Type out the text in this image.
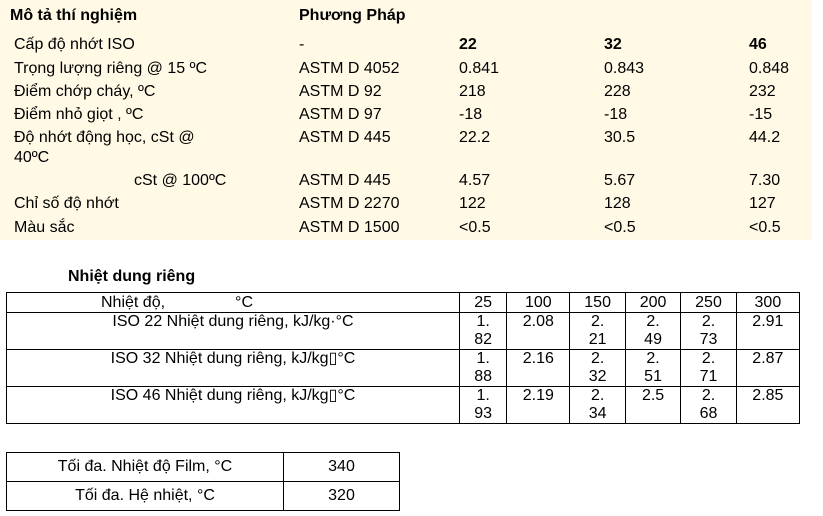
Mô tả thí nghiệm	Phương Pháp
Cấp độ nhớt ISO	-	22	32	46
Trọng lượng riêng @ 15 ºC	ASTM D 4052	0.841	0.843	0.848
Điểm chớp cháy, ºC	ASTM D 92	218	228	232
Điểm nhỏ giọt , ºC	ASTM D 97	-18	-18	-15
Độ nhớt động học, cSt @
40ºC
ASTM D 445	22.2	30.5	44.2
cSt @ 100ºC	ASTM D 445	4.57	5.67	7.30
Chỉ số độ nhớt	ASTM D 2270	122	128	127
Màu sắc	ASTM D 1500	<0.5	<0.5	<0.5
Nhiệt dung riêng
Nhiệt độ, °C	25	100	150	200	250	300
ISO 22 Nhiệt dung riêng, kJ/kg·°C	1.82	2.08	2.21	2.49	2.73	2.91
ISO 32 Nhiệt dung riêng, kJ/kg▯°C	1.88	2.16	2.32	2.51	2.71	2.87
ISO 46 Nhiệt dung riêng, kJ/kg▯°C	1.93	2.19	2.34	2.5	2.68	2.85
Tối đa. Nhiệt độ Film, °C	340
Tối đa. Hệ nhiệt, °C	320
